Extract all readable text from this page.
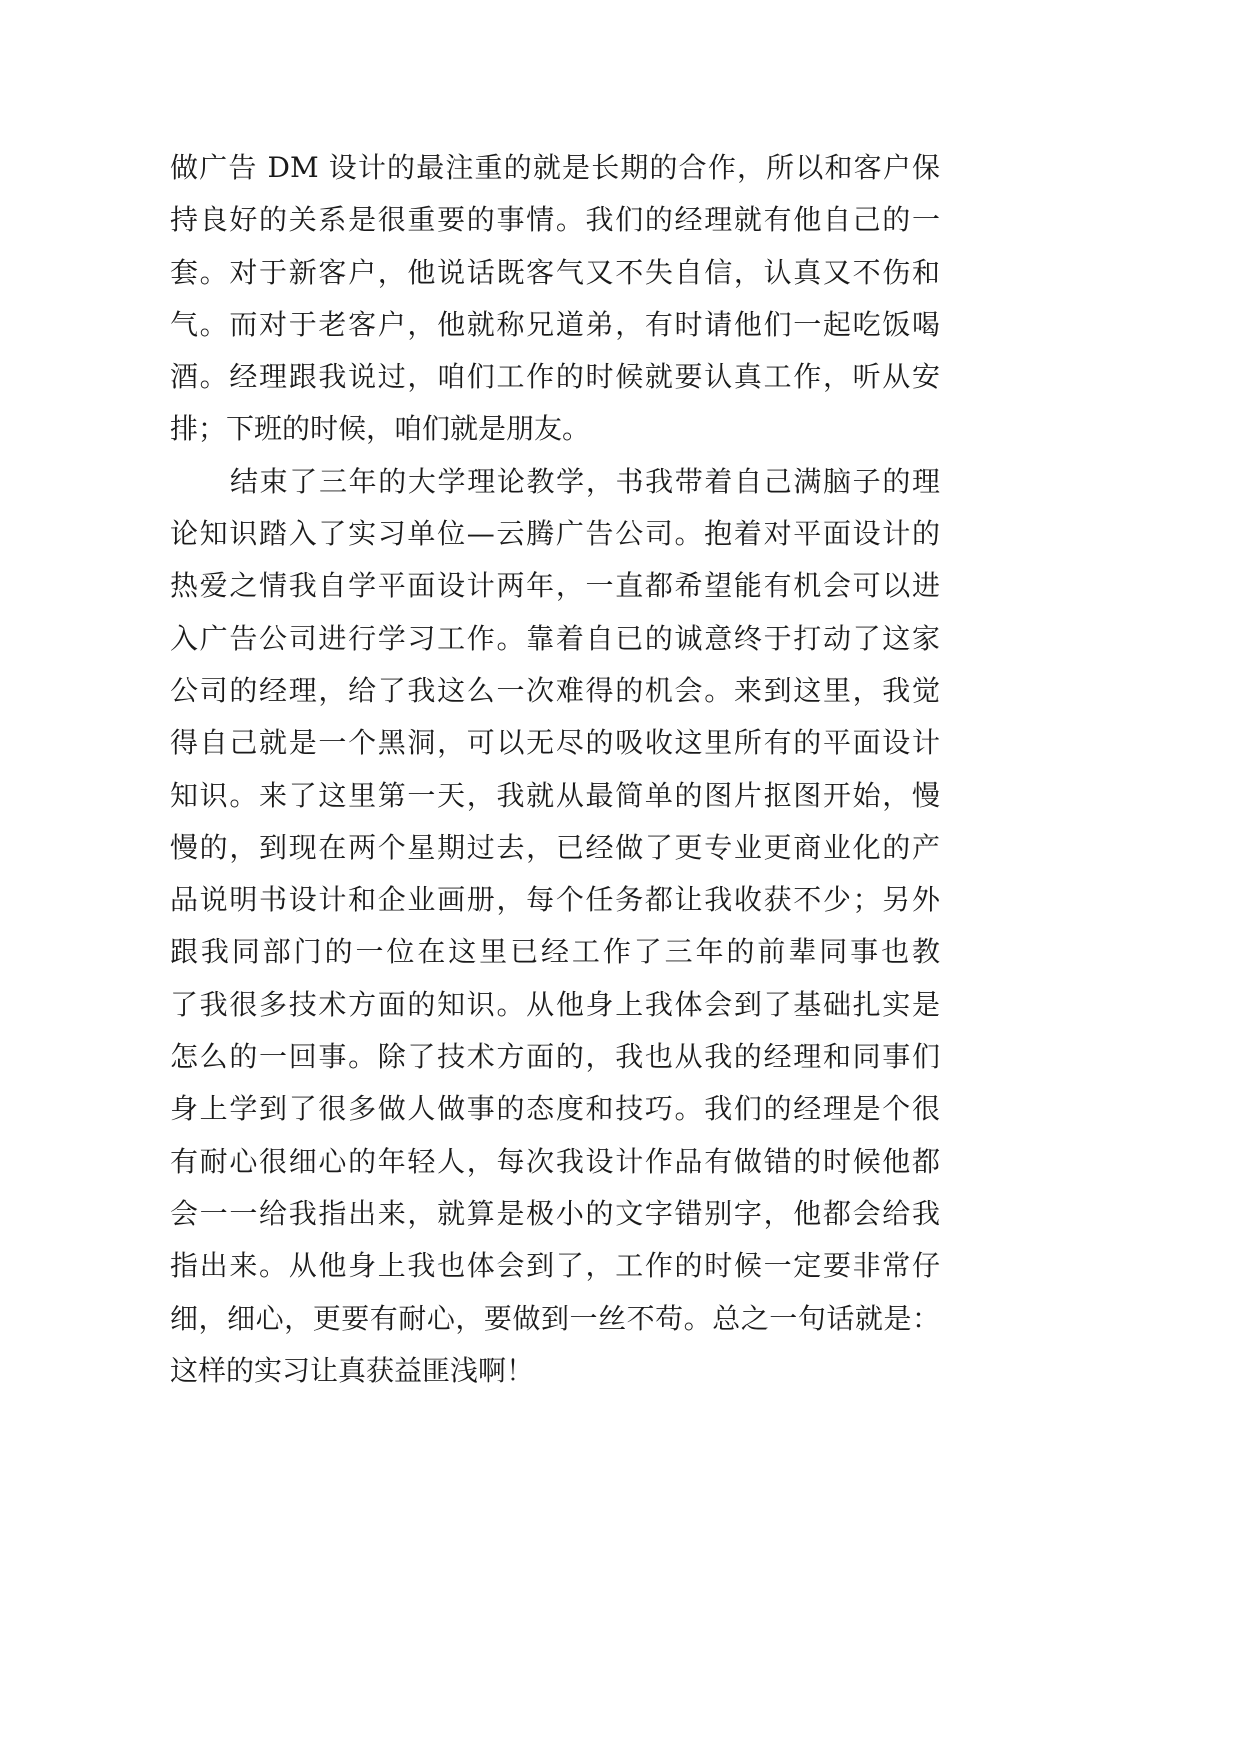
做广告 DM 设计的最注重的就是长期的合作，所以和客户保
持良好的关系是很重要的事情。我们的经理就有他自己的一
套。对于新客户，他说话既客气又不失自信，认真又不伤和
气。而对于老客户，他就称兄道弟，有时请他们一起吃饭喝
酒。经理跟我说过，咱们工作的时候就要认真工作，听从安
排；下班的时候，咱们就是朋友。
结束了三年的大学理论教学，书我带着自己满脑子的理
论知识踏入了实习单位—云腾广告公司。抱着对平面设计的
热爱之情我自学平面设计两年，一直都希望能有机会可以进
入广告公司进行学习工作。靠着自已的诚意终于打动了这家
公司的经理，给了我这么一次难得的机会。来到这里，我觉
得自己就是一个黑洞，可以无尽的吸收这里所有的平面设计
知识。来了这里第一天，我就从最简单的图片抠图开始，慢
慢的，到现在两个星期过去，已经做了更专业更商业化的产
品说明书设计和企业画册，每个任务都让我收获不少；另外
跟我同部门的一位在这里已经工作了三年的前辈同事也教
了我很多技术方面的知识。从他身上我体会到了基础扎实是
怎么的一回事。除了技术方面的，我也从我的经理和同事们
身上学到了很多做人做事的态度和技巧。我们的经理是个很
有耐心很细心的年轻人，每次我设计作品有做错的时候他都
会一一给我指出来，就算是极小的文字错别字，他都会给我
指出来。从他身上我也体会到了，工作的时候一定要非常仔
细，细心，更要有耐心，要做到一丝不苟。总之一句话就是：
这样的实习让真获益匪浅啊！
